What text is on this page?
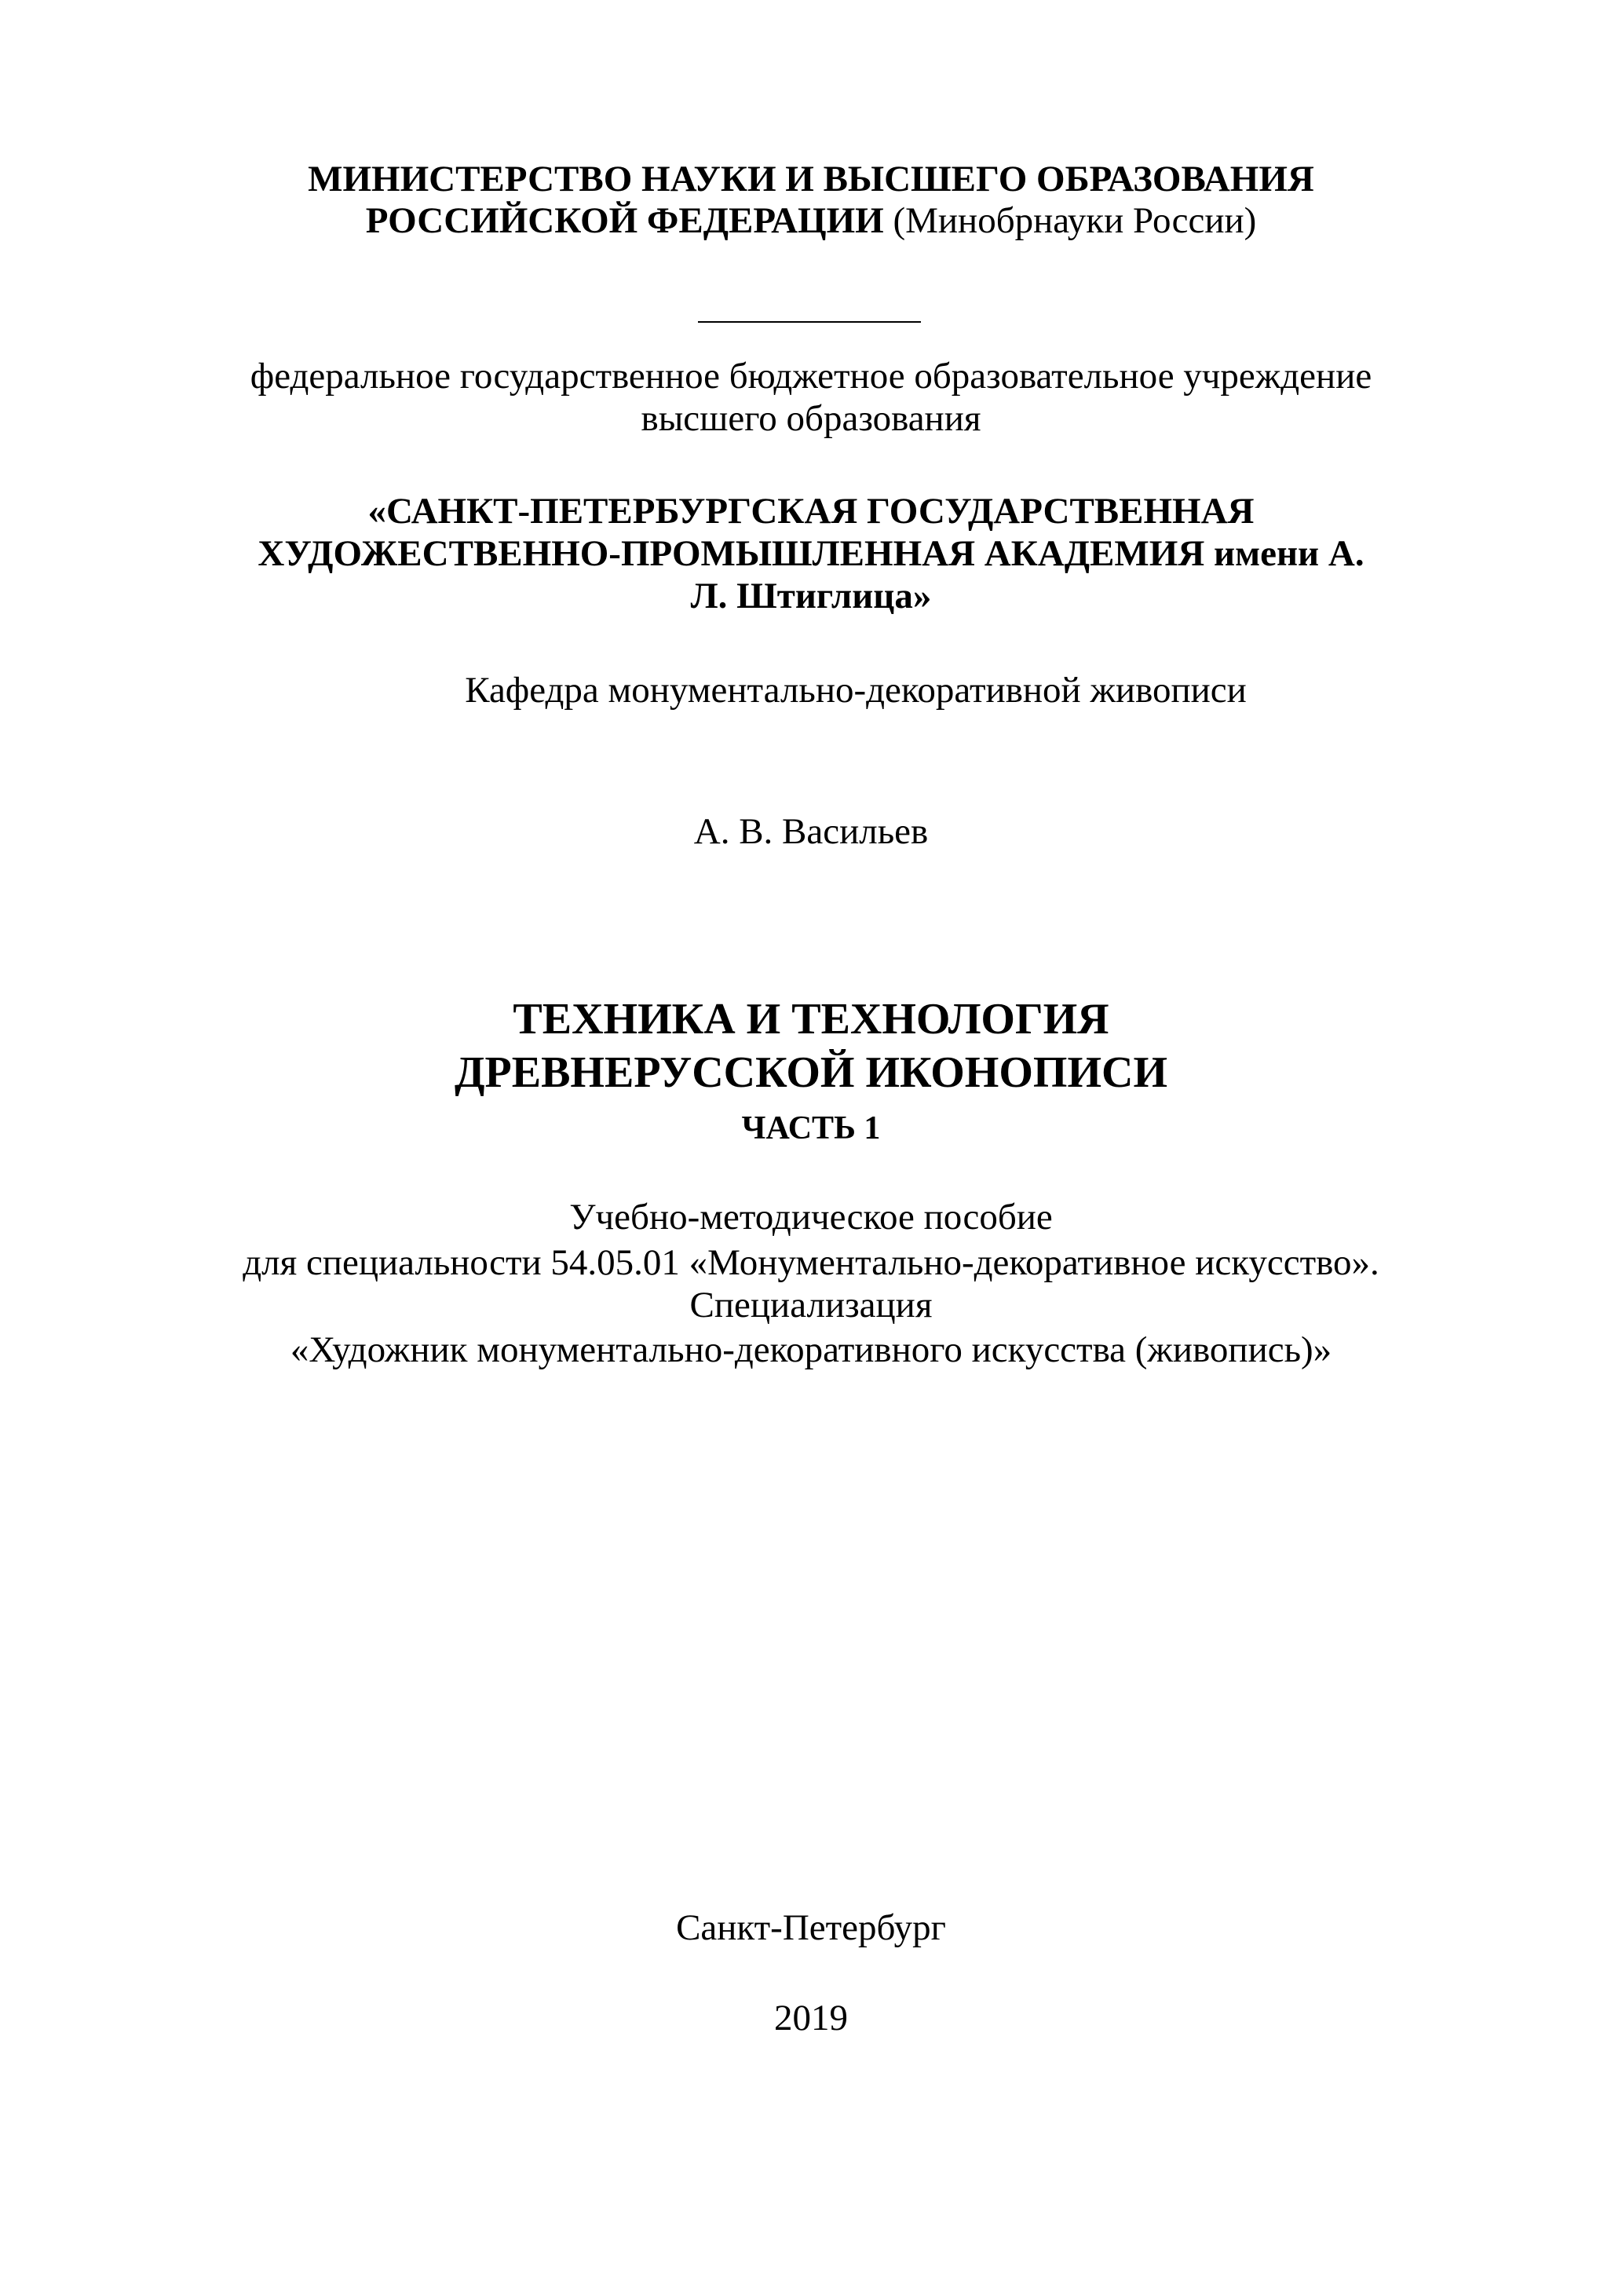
МИНИСТЕРСТВО НАУКИ И ВЫСШЕГО ОБРАЗОВАНИЯ
РОССИЙСКОЙ ФЕДЕРАЦИИ (Минобрнауки России)
федеральное государственное бюджетное образовательное учреждение
высшего образования
«САНКТ-ПЕТЕРБУРГСКАЯ ГОСУДАРСТВЕННАЯ
ХУДОЖЕСТВЕННО-ПРОМЫШЛЕННАЯ АКАДЕМИЯ имени А.
Л. Штиглица»
Кафедра монументально-декоративной живописи
А. В. Васильев
ТЕХНИКА И ТЕХНОЛОГИЯ
ДРЕВНЕРУССКОЙ ИКОНОПИСИ
ЧАСТЬ 1
Учебно-методическое пособие
для специальности 54.05.01 «Монументально-декоративное искусство».
Специализация
«Художник монументально-декоративного искусства (живопись)»
Санкт-Петербург
2019
